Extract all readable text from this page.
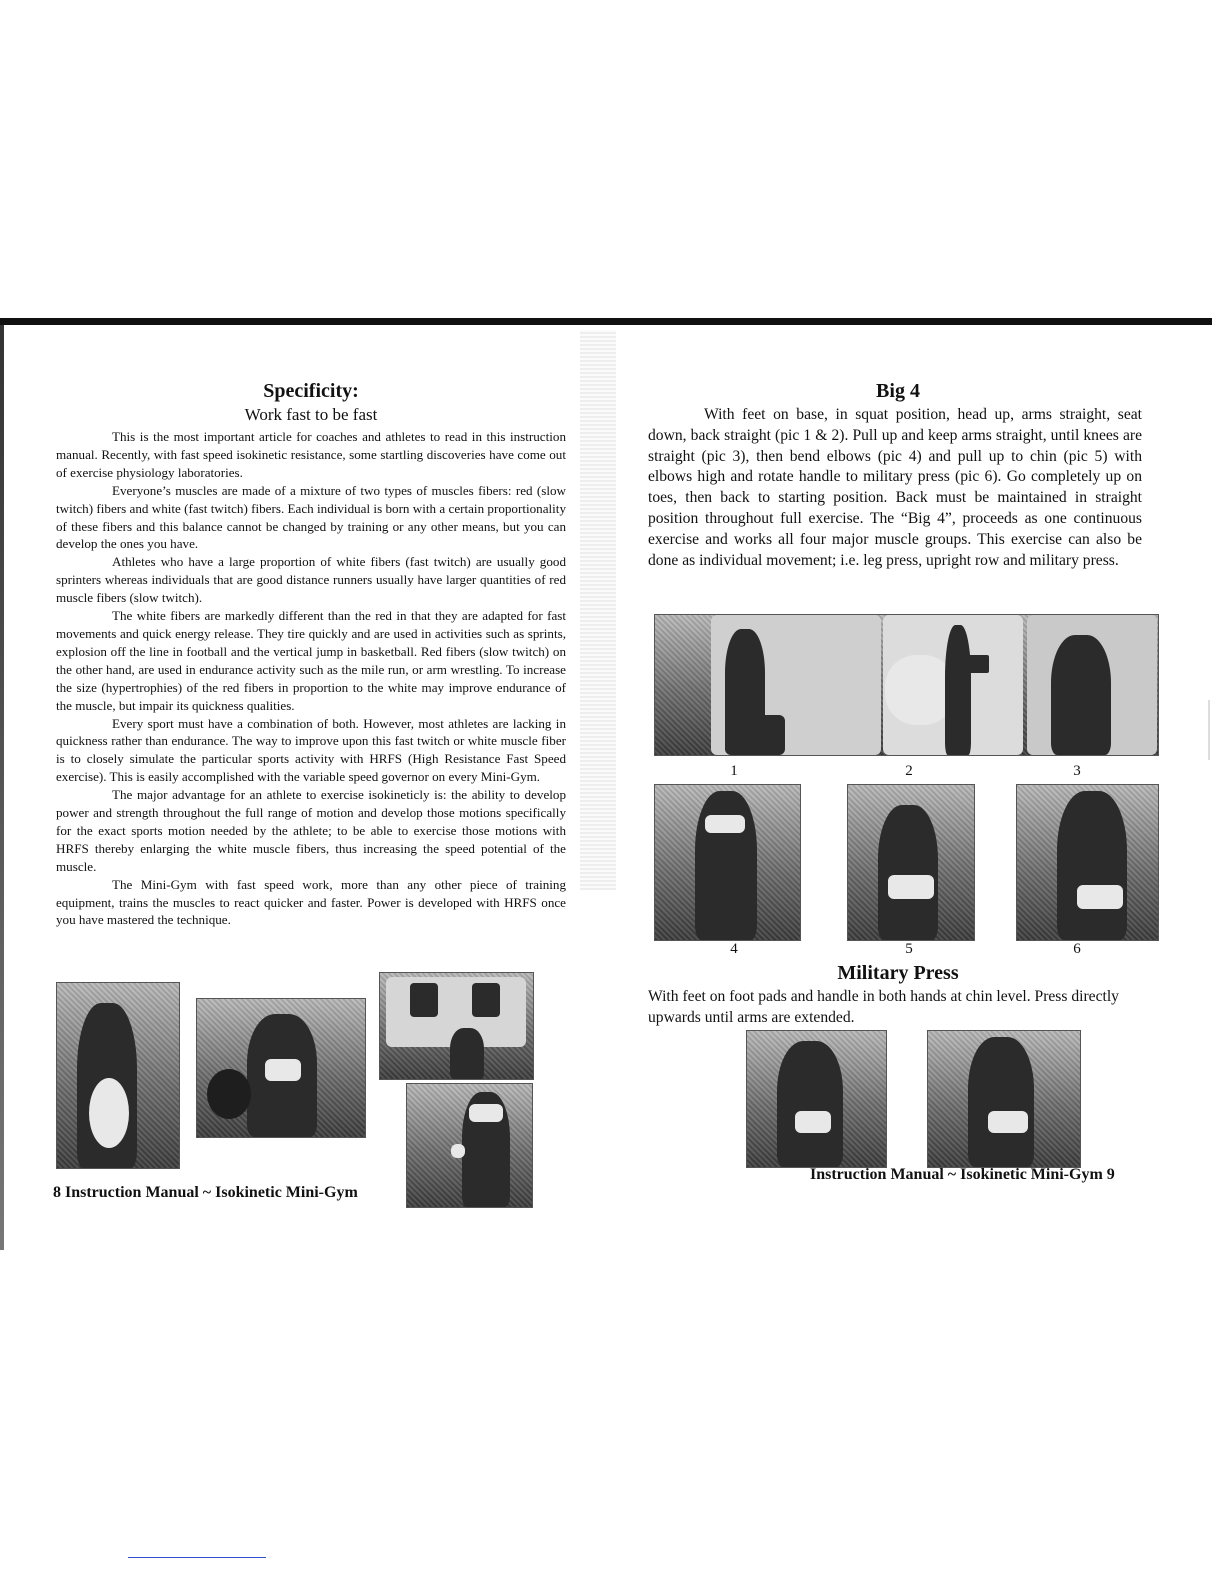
Specificity:
Work fast to be fast

This is the most important article for coaches and athletes to read in this instruction manual. Recently, with fast speed isokinetic resistance, some startling discoveries have come out of exercise physiology laboratories.

Everyone’s muscles are made of a mixture of two types of muscles fibers: red (slow twitch) fibers and white (fast twitch) fibers. Each individual is born with a certain proportionality of these fibers and this balance cannot be changed by training or any other means, but you can develop the ones you have.

Athletes who have a large proportion of white fibers (fast twitch) are usually good sprinters whereas individuals that are good distance runners usually have larger quantities of red muscle fibers (slow twitch).

The white fibers are markedly different than the red in that they are adapted for fast movements and quick energy release. They tire quickly and are used in activities such as sprints, explosion off the line in football and the vertical jump in basketball. Red fibers (slow twitch) on the other hand, are used in endurance activity such as the mile run, or arm wrestling. To increase the size (hypertrophies) of the red fibers in proportion to the white may improve endurance of the muscle, but impair its quickness qualities.

Every sport must have a combination of both. However, most athletes are lacking in quickness rather than endurance. The way to improve upon this fast twitch or white muscle fiber is to closely simulate the particular sports activity with HRFS (High Resistance Fast Speed exercise). This is easily accomplished with the variable speed governor on every Mini-Gym.

The major advantage for an athlete to exercise isokineticly is: the ability to develop power and strength throughout the full range of motion and develop those motions specifically for the exact sports motion needed by the athlete; to be able to exercise those motions with HRFS thereby enlarging the white muscle fibers, thus increasing the speed potential of the muscle.

The Mini-Gym with fast speed work, more than any other piece of training equipment, trains the muscles to react quicker and faster. Power is developed with HRFS once you have mastered the technique.

8 Instruction Manual ~ Isokinetic Mini-Gym

Big 4

With feet on base, in squat position, head up, arms straight, seat down, back straight (pic 1 & 2). Pull up and keep arms straight, until knees are straight (pic 3), then bend elbows (pic 4) and pull up to chin (pic 5) with elbows high and rotate handle to military press (pic 6). Go completely up on toes, then back to starting position. Back must be maintained in straight position throughout full exercise. The “Big 4”, proceeds as one continuous exercise and works all four major muscle groups. This exercise can also be done as individual movement; i.e. leg press, upright row and military press.

1	2	3

4	5	6

Military Press

With feet on foot pads and handle in both hands at chin level. Press directly upwards until arms are extended.

Instruction Manual ~ Isokinetic Mini-Gym 9
